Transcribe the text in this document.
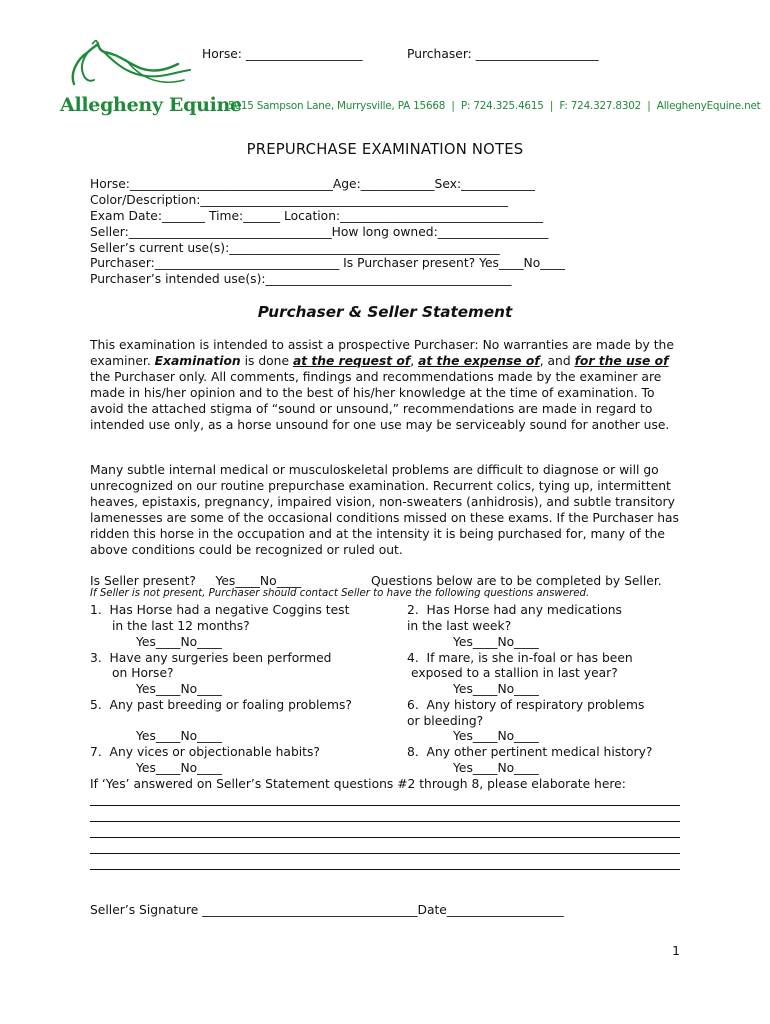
Horse: ___________________	Purchaser: ____________________
Allegheny Equine
5015 Sampson Lane, Murrysville, PA 15668  |  P: 724.325.4615  |  F: 724.327.8302  |  AlleghenyEquine.net
PREPURCHASE EXAMINATION NOTES
Horse:_________________________________Age:____________Sex:____________
Color/Description:__________________________________________________
Exam Date:_______ Time:______ Location:_________________________________
Seller:_________________________________How long owned:__________________
Seller’s current use(s):____________________________________________
Purchaser:______________________________ Is Purchaser present? Yes____No____
Purchaser’s intended use(s):________________________________________
Purchaser & Seller Statement
This examination is intended to assist a prospective Purchaser: No warranties are made by the examiner. Examination is done at the request of, at the expense of, and for the use of the Purchaser only. All comments, findings and recommendations made by the examiner are made in his/her opinion and to the best of his/her knowledge at the time of examination. To avoid the attached stigma of “sound or unsound,” recommendations are made in regard to intended use only, as a horse unsound for one use may be serviceably sound for another use.
Many subtle internal medical or musculoskeletal problems are difficult to diagnose or will go unrecognized on our routine prepurchase examination. Recurrent colics, tying up, intermittent heaves, epistaxis, pregnancy, impaired vision, non-sweaters (anhidrosis), and subtle transitory lamenesses are some of the occasional conditions missed on these exams. If the Purchaser has ridden this horse in the occupation and at the intensity it is being purchased for, many of the above conditions could be recognized or ruled out.
Is Seller present?     Yes____No____	Questions below are to be completed by Seller.
If Seller is not present, Purchaser should contact Seller to have the following questions answered.
1.  Has Horse had a negative Coggins test
in the last 12 months?
Yes____No____
2.  Has Horse had any medications
in the last week?
Yes____No____
3.  Have any surgeries been performed
on Horse?
Yes____No____
4.  If mare, is she in-foal or has been
exposed to a stallion in last year?
Yes____No____
5.  Any past breeding or foaling problems?
Yes____No____
6.  Any history of respiratory problems
or bleeding?
Yes____No____
7.  Any vices or objectionable habits?
Yes____No____
8.  Any other pertinent medical history?
Yes____No____
If ‘Yes’ answered on Seller’s Statement questions #2 through 8, please elaborate here:
Seller’s Signature ___________________________________Date___________________
1
